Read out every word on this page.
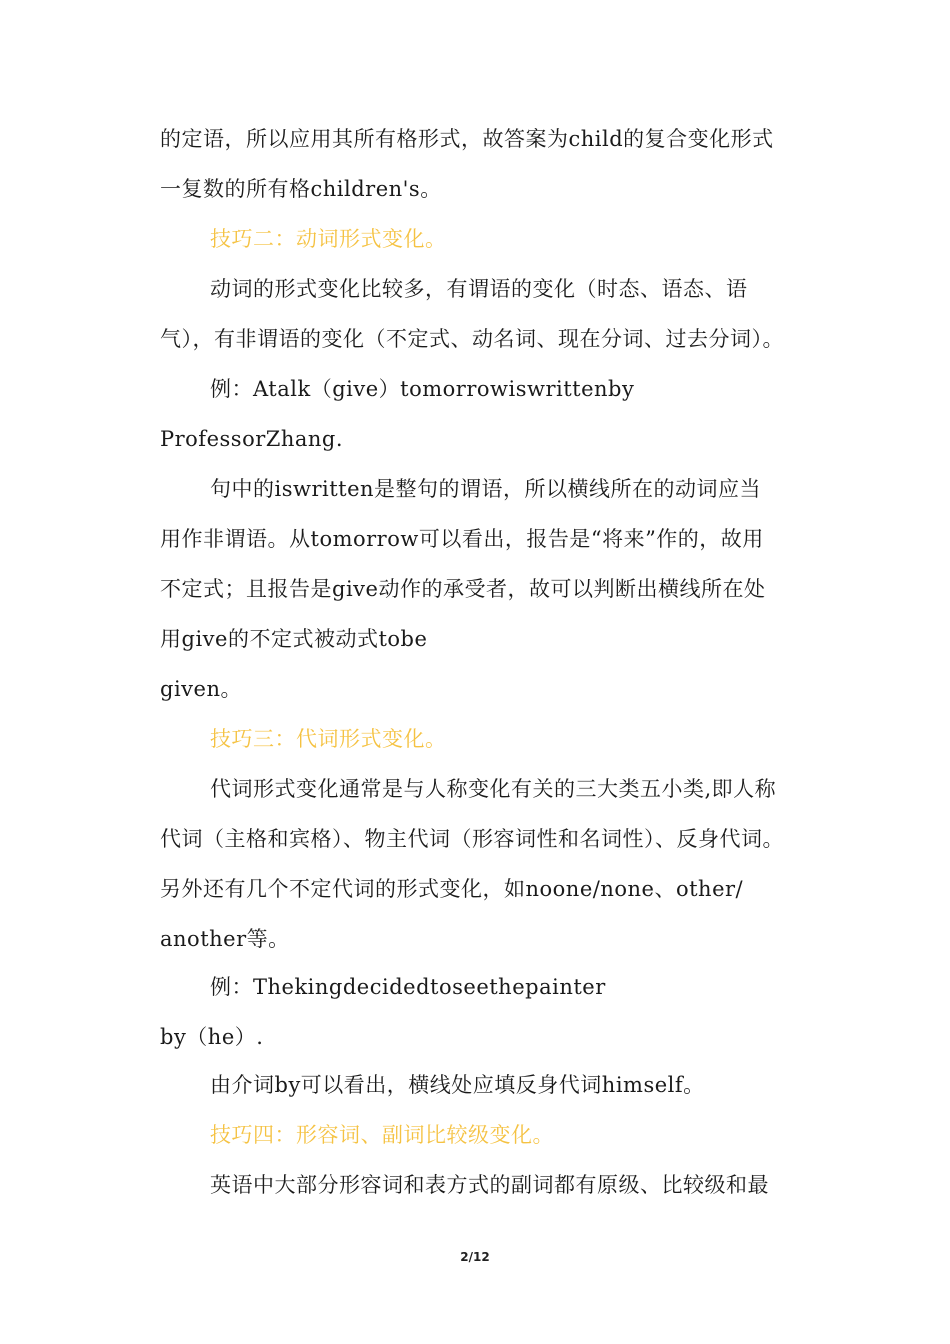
的定语，所以应用其所有格形式，故答案为child的复合变化形式
一复数的所有格children's。
技巧二：动词形式变化。
动词的形式变化比较多，有谓语的变化（时态、语态、语
气），有非谓语的变化（不定式、动名词、现在分词、过去分词）。
例：Atalk（give）tomorrowiswrittenby
ProfessorZhang.
句中的iswritten是整句的谓语，所以横线所在的动词应当
用作非谓语。从tomorrow可以看出，报告是“将来”作的，故用
不定式；且报告是give动作的承受者，故可以判断出横线所在处
用give的不定式被动式tobe
given。
技巧三：代词形式变化。
代词形式变化通常是与人称变化有关的三大类五小类,即人称
代词（主格和宾格）、物主代词（形容词性和名词性）、反身代词。
另外还有几个不定代词的形式变化，如noone/none、other/
another等。
例：Thekingdecidedtoseethepainter
by（he）.
由介词by可以看出，横线处应填反身代词himself。
技巧四：形容词、副词比较级变化。
英语中大部分形容词和表方式的副词都有原级、比较级和最
2/12
